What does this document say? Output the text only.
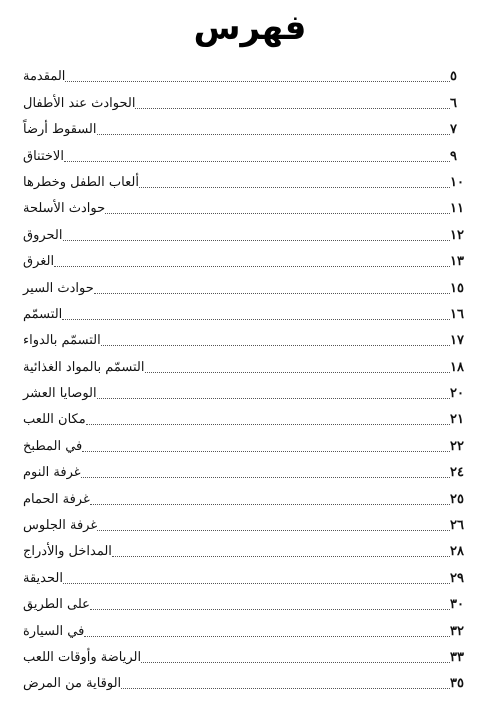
فهرس
المقدمة	٥
الحوادث عند الأطفال	٦
السقوط أرضاً	٧
الاختناق	٩
ألعاب الطفل وخطرها	١٠
حوادث الأسلحة	١١
الحروق	١٢
الغرق	١٣
حوادث السير	١٥
التسمّم	١٦
التسمّم بالدواء	١٧
التسمّم بالمواد الغذائية	١٨
الوصايا العشر	٢٠
مكان اللعب	٢١
في المطبخ	٢٢
غرفة النوم	٢٤
غرفة الحمام	٢٥
غرفة الجلوس	٢٦
المداخل والأدراج	٢٨
الحديقة	٢٩
على الطريق	٣٠
في السيارة	٣٢
الرياضة وأوقات اللعب	٣٣
الوقاية من المرض	٣٥
